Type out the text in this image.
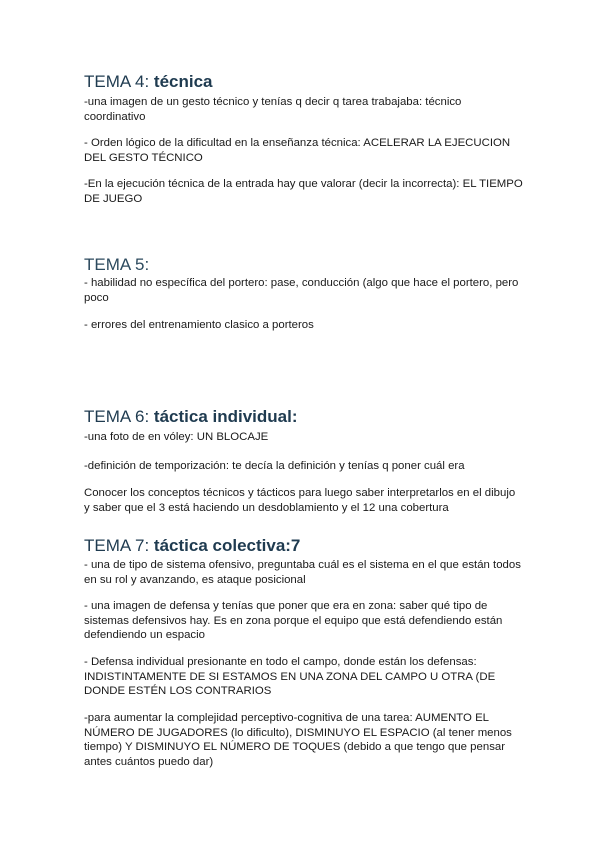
TEMA 4: técnica

-una imagen de un gesto técnico y tenías q decir q tarea trabajaba: técnico coordinativo

- Orden lógico de la dificultad en la enseñanza técnica: ACELERAR LA EJECUCION DEL GESTO TÉCNICO

-En la ejecución técnica de la entrada hay que valorar (decir la incorrecta): EL TIEMPO DE JUEGO

TEMA 5:

- habilidad no específica del portero: pase, conducción (algo que hace el portero, pero poco

- errores del entrenamiento clasico a porteros

TEMA 6: táctica individual:

-una foto de en vóley: UN BLOCAJE

-definición de temporización: te decía la definición y tenías q poner cuál era

Conocer los conceptos técnicos y tácticos para luego saber interpretarlos en el dibujo y saber que el 3 está haciendo un desdoblamiento y el 12 una cobertura

TEMA 7: táctica colectiva:7

- una de tipo de sistema ofensivo, preguntaba cuál es el sistema en el que están todos en su rol y avanzando, es ataque posicional

- una imagen de defensa y tenías que poner que era en zona: saber qué tipo de sistemas defensivos hay. Es en zona porque el equipo que está defendiendo están defendiendo un espacio

- Defensa individual presionante en todo el campo, donde están los defensas: INDISTINTAMENTE DE SI ESTAMOS EN UNA ZONA DEL CAMPO U OTRA (DE DONDE ESTÉN LOS CONTRARIOS

-para aumentar la complejidad perceptivo-cognitiva de una tarea: AUMENTO EL NÚMERO DE JUGADORES (lo dificulto), DISMINUYO EL ESPACIO (al tener menos tiempo) Y DISMINUYO EL NÚMERO DE TOQUES (debido a que tengo que pensar antes cuántos puedo dar)
